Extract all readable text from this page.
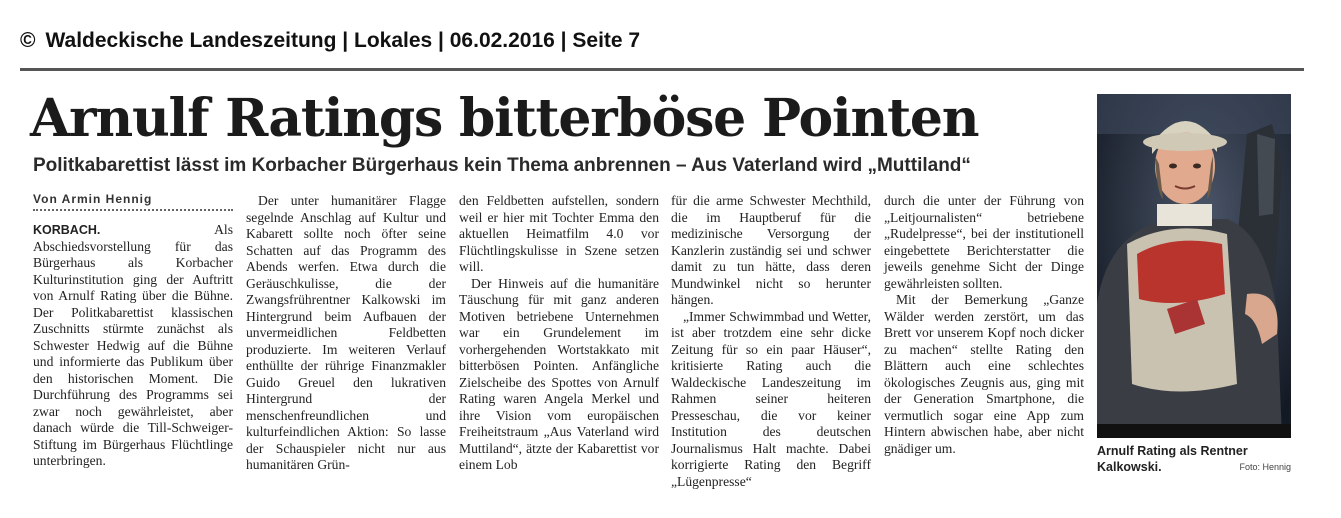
© Waldeckische Landeszeitung | Lokales | 06.02.2016 | Seite 7
Arnulf Ratings bitterböse Pointen
Politkabarettist lässt im Korbacher Bürgerhaus kein Thema anbrennen – Aus Vaterland wird „Muttiland“
Von Armin Hennig

KORBACH.	Als Abschiedsvorstellung für das Bürgerhaus als Korbacher Kulturinstitution ging der Auftritt von Arnulf Rating über die Bühne. Der Politkabarettist klassischen Zuschnitts stürmte zunächst als Schwester Hedwig auf die Bühne und informierte das Publikum über den historischen Moment. Die Durchführung des Programms sei zwar noch gewährleistet, aber danach würde die Till-Schweiger-Stiftung im Bürgerhaus Flüchtlinge unterbringen.

Der unter humanitärer Flagge segelnde Anschlag auf Kultur und Kabarett sollte noch öfter seine Schatten auf das Programm des Abends werfen. Etwa durch die Geräuschkulisse, die der Zwangsfrührentner Kalkowski im Hintergrund beim Aufbauen der unvermeidlichen Feldbetten produzierte. Im weiteren Verlauf enthüllte der rührige Finanzmakler Guido Greuel den lukrativen Hintergrund der menschenfreundlichen und kulturfeindlichen Aktion: So lasse der Schauspieler nicht nur aus humanitären Grün-

den Feldbetten aufstellen, sondern weil er hier mit Tochter Emma den aktuellen Heimatfilm 4.0 vor Flüchtlingskulisse in Szene setzen will.

Der Hinweis auf die humanitäre Täuschung für mit ganz anderen Motiven betriebene Unternehmen war ein Grundelement im vorhergehenden Wortstakkato mit bitterbösen Pointen. Anfängliche Zielscheibe des Spottes von Arnulf Rating waren Angela Merkel und ihre Vision vom europäischen Freiheitstraum „Aus Vaterland wird Muttiland“, ätzte der Kabarettist vor einem Lob

für die arme Schwester Mechthild, die im Hauptberuf für die medizinische Versorgung der Kanzlerin zuständig sei und schwer damit zu tun hätte, dass deren Mundwinkel nicht so herunter hängen.

„Immer Schwimmbad und Wetter, ist aber trotzdem eine sehr dicke Zeitung für so ein paar Häuser“, kritisierte Rating auch die Waldeckische Landeszeitung im Rahmen seiner heiteren Presseschau, die vor keiner Institution des deutschen Journalismus Halt machte. Dabei korrigierte Rating den Begriff „Lügenpresse“

durch die unter der Führung von „Leitjournalisten“ betriebene „Rudelpresse“, bei der institutionell eingebettete Berichterstatter die jeweils genehme Sicht der Dinge gewährleisten sollten.

Mit der Bemerkung „Ganze Wälder werden zerstört, um das Brett vor unserem Kopf noch dicker zu machen“ stellte Rating den Blättern auch eine schlechtes ökologisches Zeugnis aus, ging mit der Generation Smartphone, die vermutlich sogar eine App zum Hintern abwischen habe, aber nicht gnädiger um.	Arnulf Rating als Rentner Kalkowski.	Foto: Hennig
